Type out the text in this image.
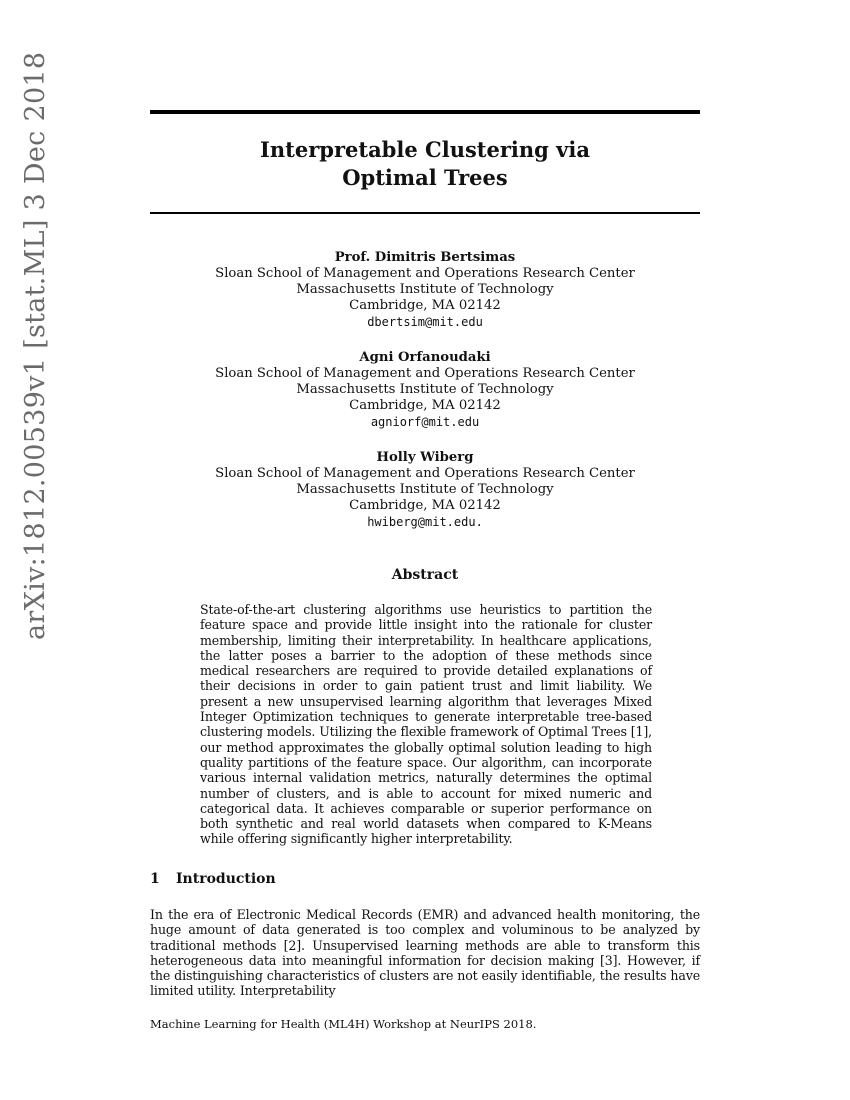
arXiv:1812.00539v1 [stat.ML] 3 Dec 2018	Interpretable Clustering via
Optimal Trees
Prof. Dimitris Bertsimas
Sloan School of Management and Operations Research Center
Massachusetts Institute of Technology
Cambridge, MA 02142
dbertsim@mit.edu
Agni Orfanoudaki
Sloan School of Management and Operations Research Center
Massachusetts Institute of Technology
Cambridge, MA 02142
agniorf@mit.edu
Holly Wiberg
Sloan School of Management and Operations Research Center
Massachusetts Institute of Technology
Cambridge, MA 02142
hwiberg@mit.edu.
Abstract

State-of-the-art clustering algorithms use heuristics to partition the feature space and provide little insight into the rationale for cluster membership, limiting their interpretability. In healthcare applications, the latter poses a barrier to the adoption of these methods since medical researchers are required to provide detailed explanations of their decisions in order to gain patient trust and limit liability. We present a new unsupervised learning algorithm that leverages Mixed Integer Optimization techniques to generate interpretable tree-based clustering models. Utilizing the flexible framework of Optimal Trees [1], our method approximates the globally optimal solution leading to high quality partitions of the feature space. Our algorithm, can incorporate various internal validation metrics, naturally determines the optimal number of clusters, and is able to account for mixed numeric and categorical data. It achieves comparable or superior performance on both synthetic and real world datasets when compared to K-Means while offering significantly higher interpretability.

1 Introduction

In the era of Electronic Medical Records (EMR) and advanced health monitoring, the huge amount of data generated is too complex and voluminous to be analyzed by traditional methods [2]. Unsupervised learning methods are able to transform this heterogeneous data into meaningful information for decision making [3]. However, if the distinguishing characteristics of clusters are not easily identifiable, the results have limited utility. Interpretability

Machine Learning for Health (ML4H) Workshop at NeurIPS 2018.
